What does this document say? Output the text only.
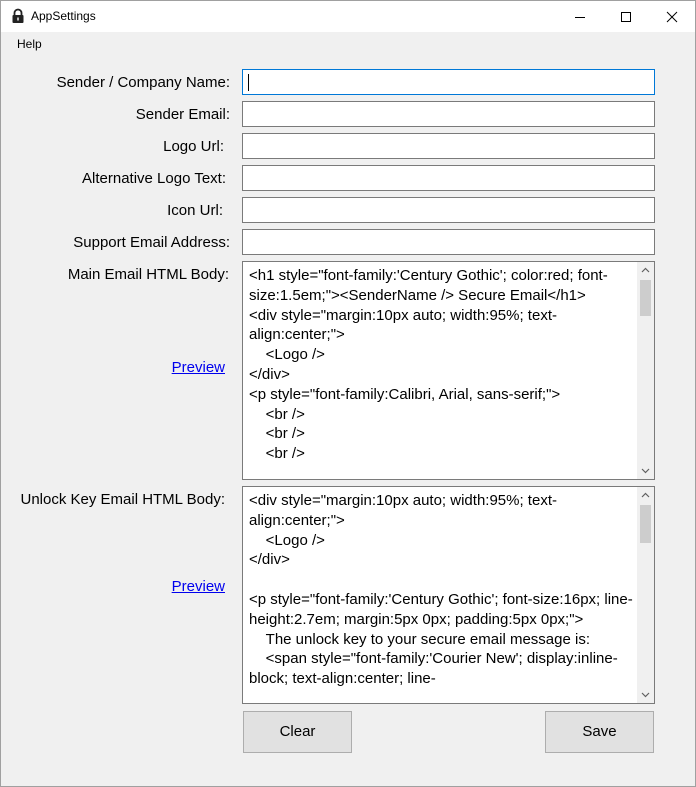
AppSettings
Help
Sender / Company Name:
Sender Email:
Logo Url:
Alternative Logo Text:
Icon Url:
Support Email Address:
Main Email HTML Body:
Preview
<h1 style="font-family:'Century Gothic'; color:red; font-size:1.5em;"><SenderName /> Secure Email</h1>
<div style="margin:10px auto; width:95%; text-align:center;">
<Logo />
</div>
<p style="font-family:Calibri, Arial, sans-serif;">
<br />
<br />
<br />
Unlock Key Email HTML Body:
Preview
<div style="margin:10px auto; width:95%; text-align:center;">
<Logo />
</div>

<p style="font-family:'Century Gothic'; font-size:16px; line-height:2.7em; margin:5px 0px; padding:5px 0px;">
The unlock key to your secure email message is:
<span style="font-family:'Courier New'; display:inline-block; text-align:center; line-
Clear	Save
